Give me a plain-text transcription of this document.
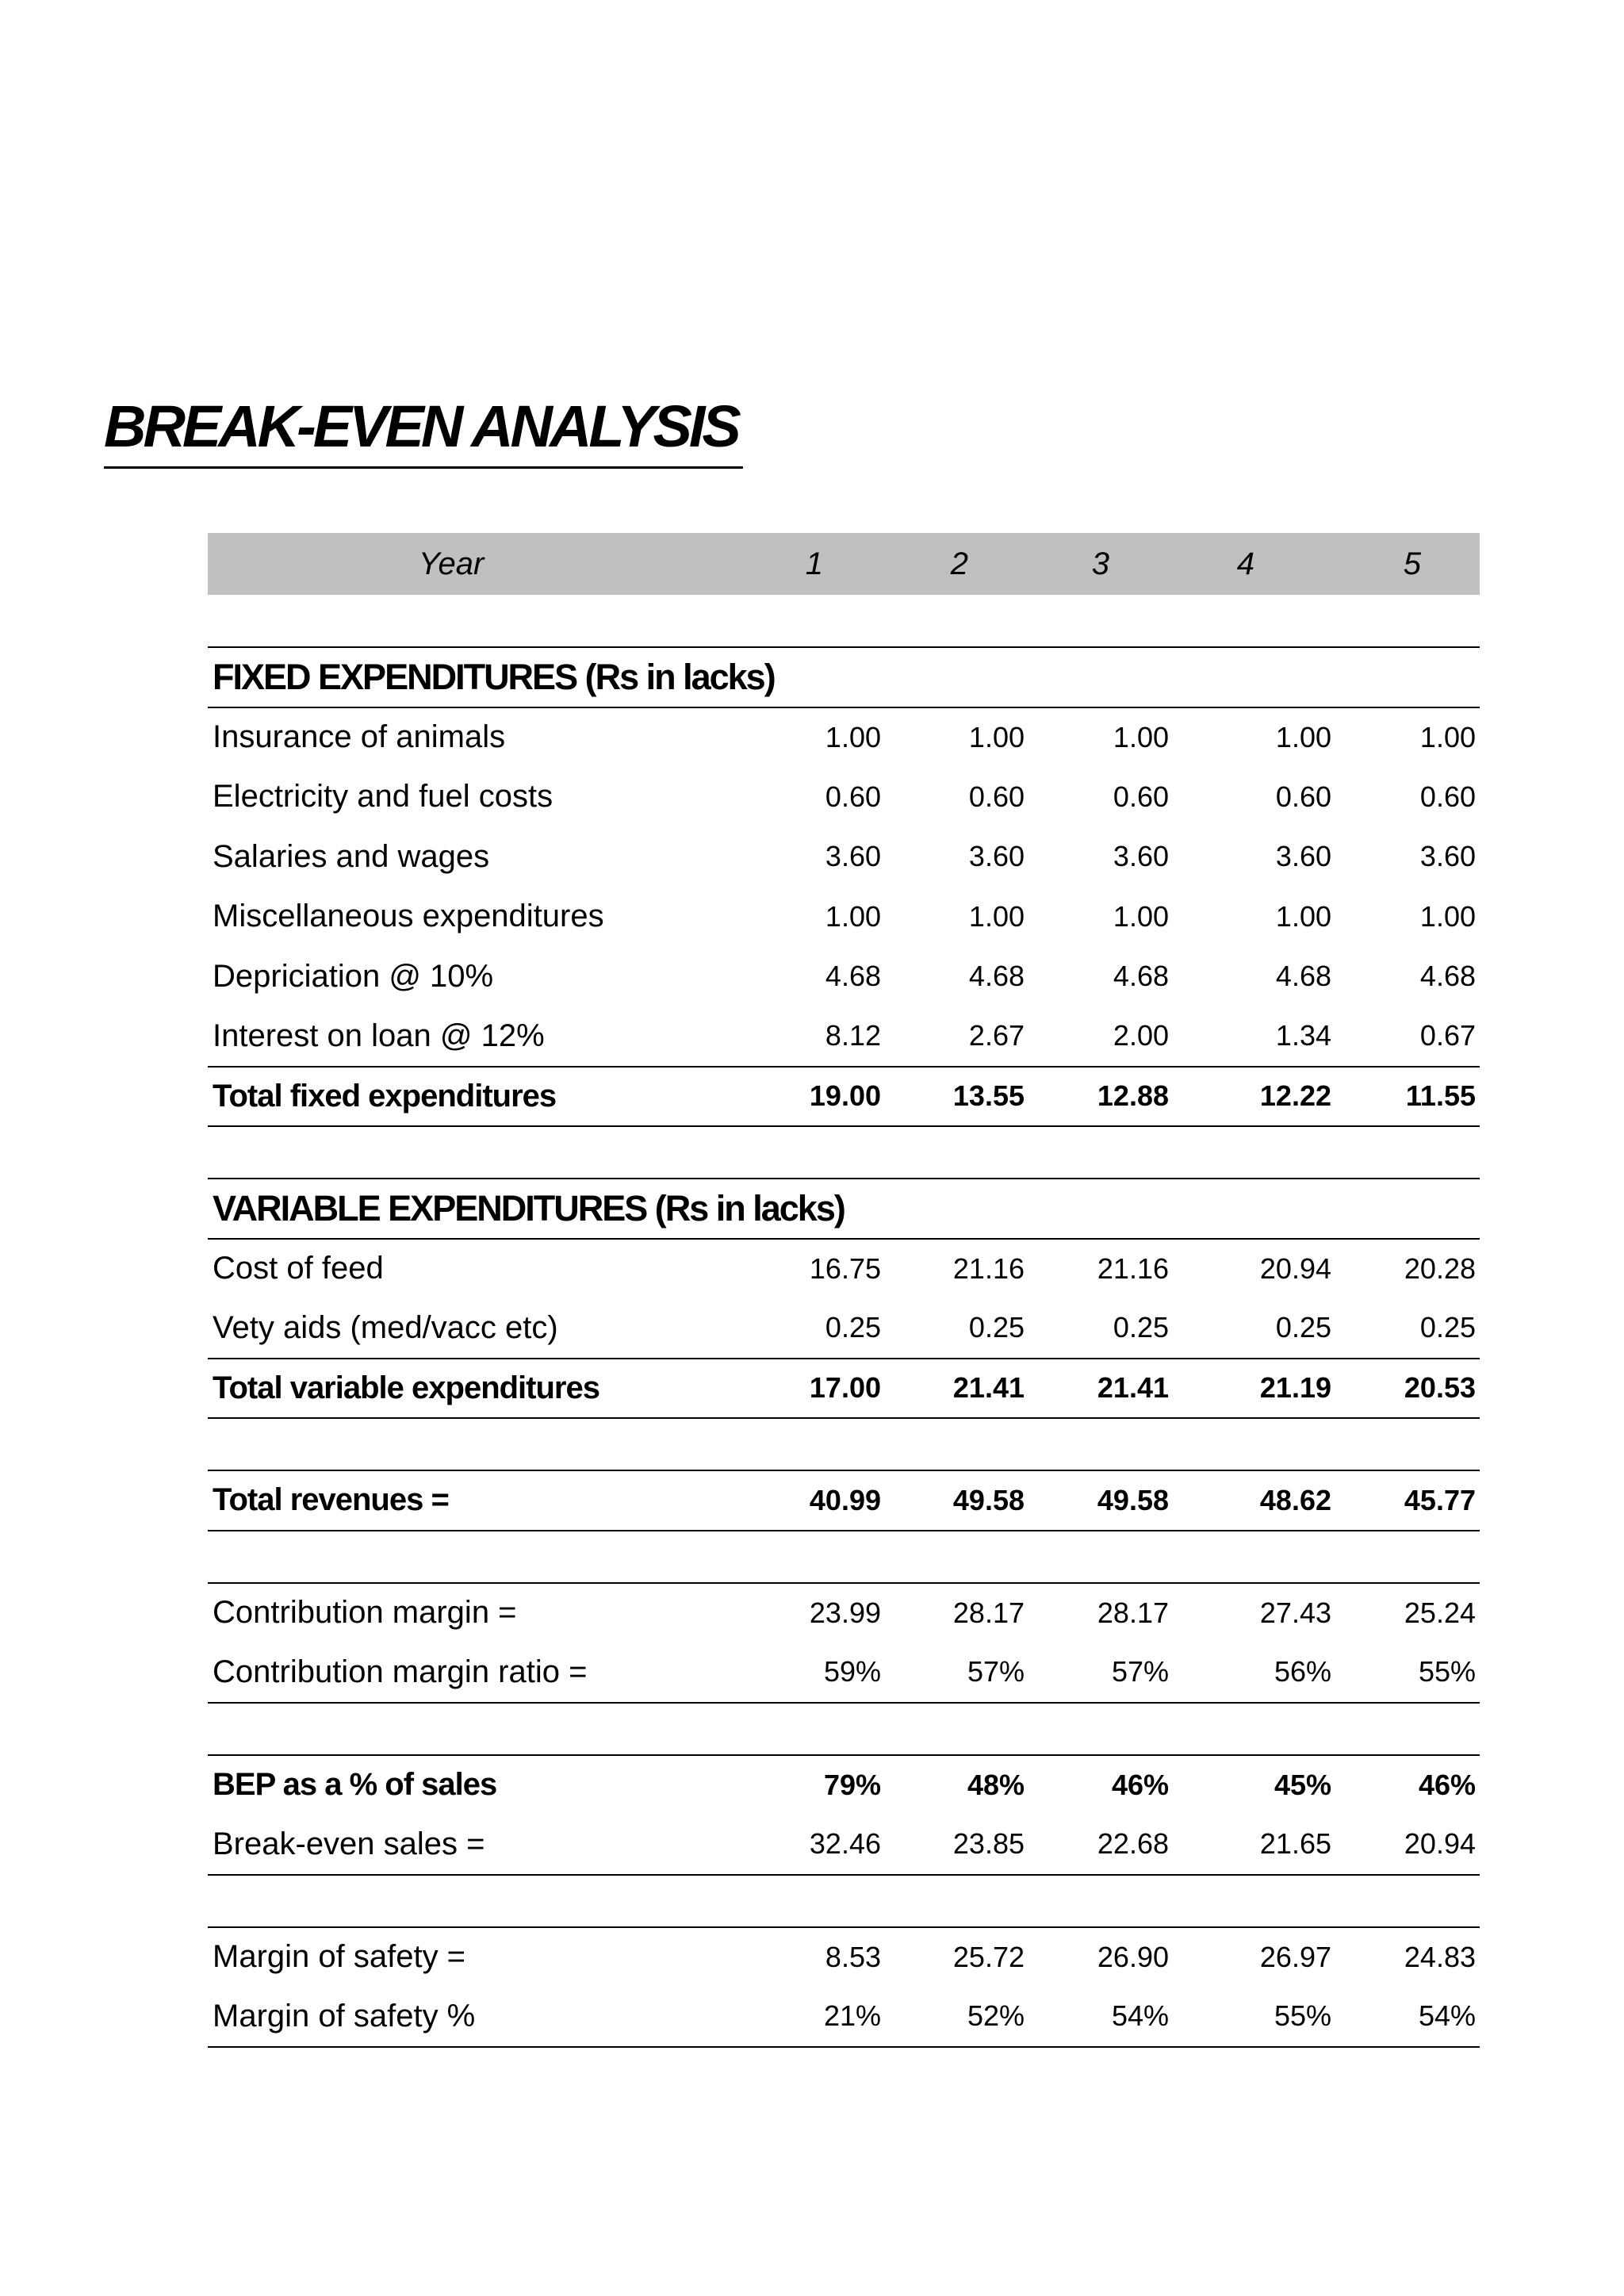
BREAK-EVEN ANALYSIS
Year	1	2	3	4	5

FIXED EXPENDITURES (Rs in lacks)					
Insurance of animals	1.00	1.00	1.00	1.00	1.00
Electricity and fuel costs	0.60	0.60	0.60	0.60	0.60
Salaries and wages	3.60	3.60	3.60	3.60	3.60
Miscellaneous expenditures	1.00	1.00	1.00	1.00	1.00
Depriciation @ 10%	4.68	4.68	4.68	4.68	4.68
Interest on loan @ 12%	8.12	2.67	2.00	1.34	0.67
Total fixed expenditures	19.00	13.55	12.88	12.22	11.55

VARIABLE EXPENDITURES (Rs in lacks)					
Cost of feed	16.75	21.16	21.16	20.94	20.28
Vety aids (med/vacc etc)	0.25	0.25	0.25	0.25	0.25
Total variable expenditures	17.00	21.41	21.41	21.19	20.53

Total revenues =	40.99	49.58	49.58	48.62	45.77

Contribution margin =	23.99	28.17	28.17	27.43	25.24
Contribution margin ratio =	59%	57%	57%	56%	55%

BEP as a % of sales	79%	48%	46%	45%	46%
Break-even sales =	32.46	23.85	22.68	21.65	20.94

Margin of safety =	8.53	25.72	26.90	26.97	24.83
Margin of safety %	21%	52%	54%	55%	54%
